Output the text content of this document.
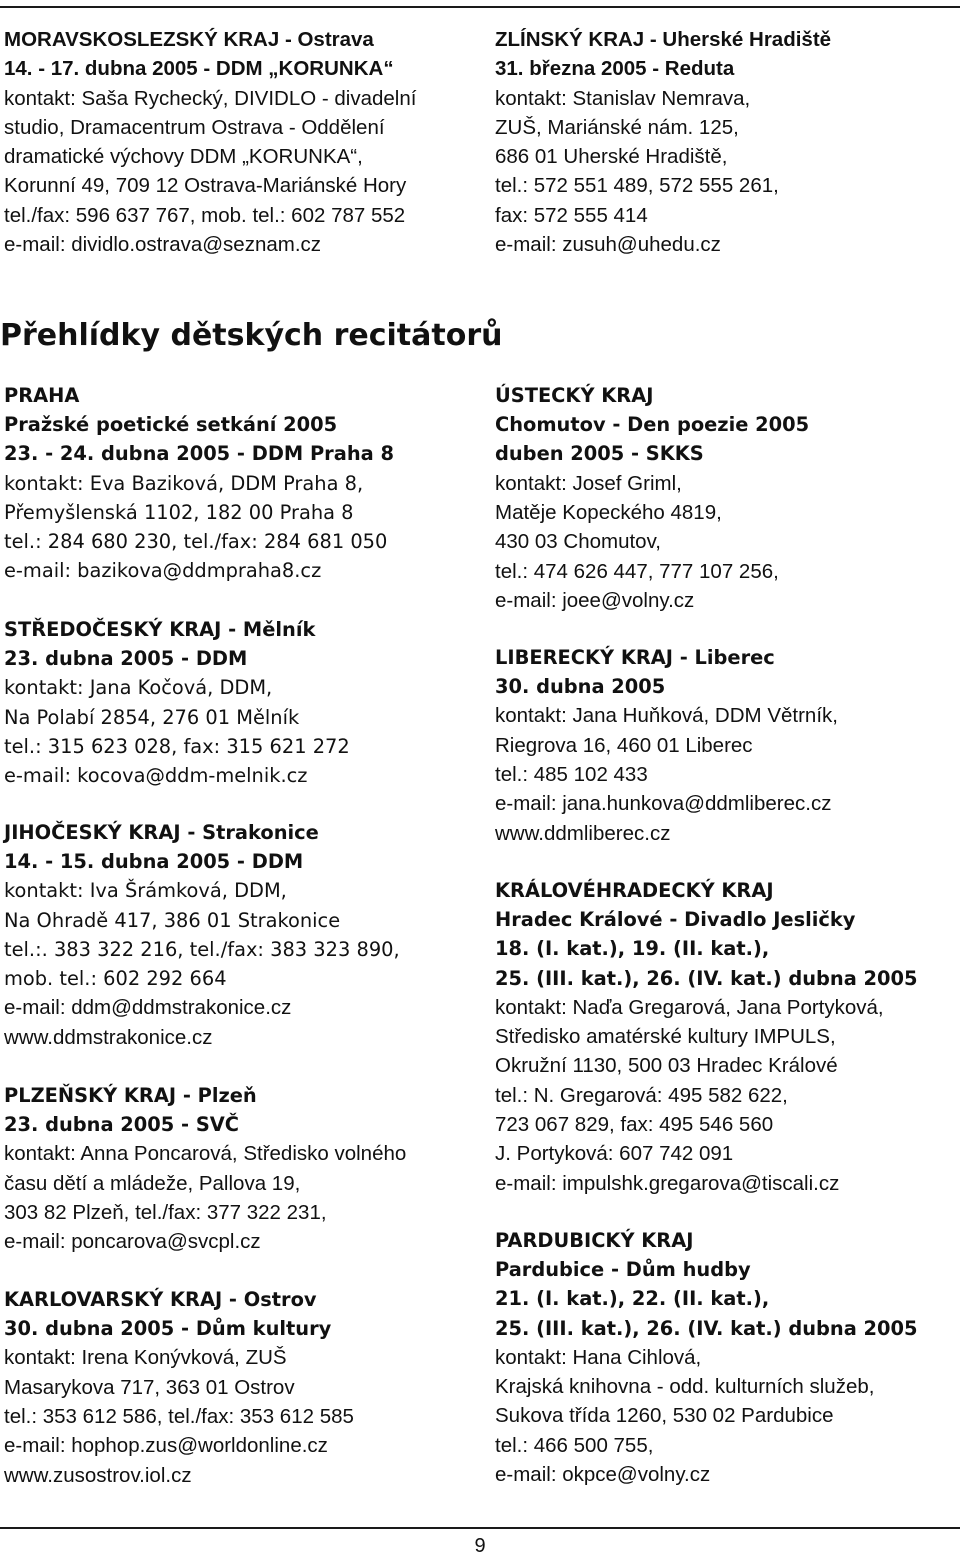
MORAVSKOSLEZSKÝ KRAJ - Ostrava
14. - 17. dubna 2005 - DDM „KORUNKA“
kontakt: Saša Rychecký, DIVIDLO - divadelní
studio, Dramacentrum Ostrava - Oddělení
dramatické výchovy DDM „KORUNKA“,
Korunní 49, 709 12 Ostrava-Mariánské Hory
tel./fax: 596 637 767, mob. tel.: 602 787 552
e-mail: dividlo.ostrava@seznam.cz
ZLÍNSKÝ KRAJ - Uherské Hradiště
31. března 2005 - Reduta
kontakt: Stanislav Nemrava,
ZUŠ, Mariánské nám. 125,
686 01 Uherské Hradiště,
tel.: 572 551 489, 572 555 261,
fax: 572 555 414
e-mail: zusuh@uhedu.cz
Přehlídky dětských recitátorů
PRAHA
Pražské poetické setkání 2005
23. - 24. dubna 2005 - DDM Praha 8
kontakt: Eva Baziková, DDM Praha 8,
Přemyšlenská 1102, 182 00 Praha 8
tel.: 284 680 230, tel./fax: 284 681 050
e-mail: bazikova@ddmpraha8.cz
STŘEDOČESKÝ KRAJ - Mělník
23. dubna 2005 - DDM
kontakt: Jana Kočová, DDM,
Na Polabí 2854, 276 01 Mělník
tel.: 315 623 028, fax: 315 621 272
e-mail: kocova@ddm-melnik.cz
JIHOČESKÝ KRAJ - Strakonice
14. - 15. dubna 2005 - DDM
kontakt: Iva Šrámková, DDM,
Na Ohradě 417, 386 01 Strakonice
tel.:. 383 322 216, tel./fax: 383 323 890,
mob. tel.: 602 292 664
e-mail: ddm@ddmstrakonice.cz
www.ddmstrakonice.cz
PLZEŇSKÝ KRAJ - Plzeň
23. dubna 2005 - SVČ
kontakt: Anna Poncarová, Středisko volného
času dětí a mládeže, Pallova 19,
303 82 Plzeň, tel./fax: 377 322 231,
e-mail: poncarova@svcpl.cz
KARLOVARSKÝ KRAJ - Ostrov
30. dubna 2005 - Dům kultury
kontakt: Irena Konývková, ZUŠ
Masarykova 717, 363 01 Ostrov
tel.: 353 612 586, tel./fax: 353 612 585
e-mail: hophop.zus@worldonline.cz
www.zusostrov.iol.cz
ÚSTECKÝ KRAJ
Chomutov - Den poezie 2005
duben 2005 - SKKS
kontakt: Josef Griml,
Matěje Kopeckého 4819,
430 03 Chomutov,
tel.: 474 626 447, 777 107 256,
e-mail: joee@volny.cz
LIBERECKÝ KRAJ - Liberec
30. dubna 2005
kontakt: Jana Huňková, DDM Větrník,
Riegrova 16, 460 01 Liberec
tel.: 485 102 433
e-mail: jana.hunkova@ddmliberec.cz
www.ddmliberec.cz
KRÁLOVÉHRADECKÝ KRAJ
Hradec Králové - Divadlo Jesličky
18. (I. kat.), 19. (II. kat.),
25. (III. kat.), 26. (IV. kat.) dubna 2005
kontakt: Naďa Gregarová, Jana Portyková,
Středisko amatérské kultury IMPULS,
Okružní 1130, 500 03 Hradec Králové
tel.: N. Gregarová: 495 582 622,
723 067 829, fax: 495 546 560
J. Portyková: 607 742 091
e-mail: impulshk.gregarova@tiscali.cz
PARDUBICKÝ KRAJ
Pardubice - Dům hudby
21. (I. kat.), 22. (II. kat.),
25. (III. kat.), 26. (IV. kat.) dubna 2005
kontakt: Hana Cihlová,
Krajská knihovna - odd. kulturních služeb,
Sukova třída 1260, 530 02 Pardubice
tel.: 466 500 755,
e-mail: okpce@volny.cz
9
